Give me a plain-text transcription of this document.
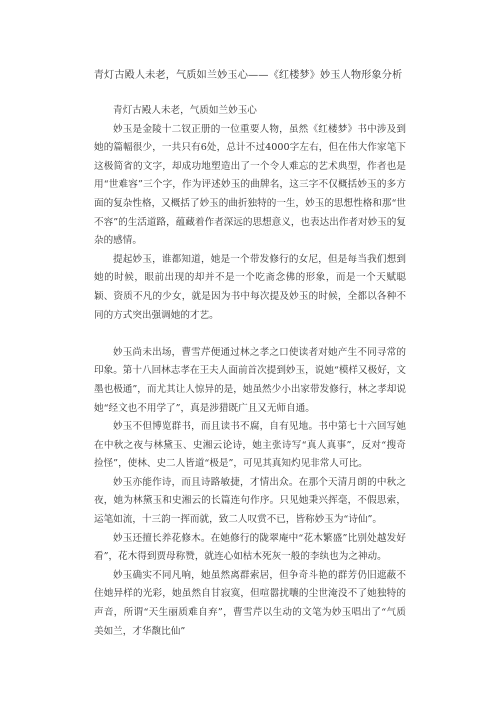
青灯古殿人未老，气质如兰妙玉心——《红楼梦》妙玉人物形象分析

青灯古殿人未老，气质如兰妙玉心

妙玉是金陵十二钗正册的一位重要人物，虽然《红楼梦》书中涉及到她的篇幅很少，一共只有6处，总计不过4000字左右，但在伟大作家笔下这极简省的文字，却成功地塑造出了一个令人难忘的艺术典型，作者也是用“世难容”三个字，作为评述妙玉的曲牌名，这三字不仅概括妙玉的多方面的复杂性格，又概括了妙玉的曲折独特的一生，妙玉的思想性格和那“世不容”的生活道路，蕴藏着作者深远的思想意义，也表达出作者对妙玉的复杂的感情。

提起妙玉，谁都知道，她是一个带发修行的女尼，但是每当我们想到她的时候，眼前出现的却并不是一个吃斋念佛的形象，而是一个天赋聪颖、资质不凡的少女，就是因为书中每次提及妙玉的时候，全都以各种不同的方式突出强调她的才艺。

妙玉尚未出场，曹雪芹便通过林之孝之口使读者对她产生不同寻常的印象。第十八回林志孝在王夫人面前首次提到妙玉，说她“模样又极好，文墨也极通”，而尤其让人惊异的是，她虽然少小出家带发修行，林之孝却说她“经文也不用学了”，真是涉猎既广且又无师自通。

妙玉不但博览群书，而且读书不腐，自有见地。书中第七十六回写她在中秋之夜与林黛玉、史湘云论诗，她主张诗写“真人真事”，反对“搜奇捡怪”，使林、史二人皆道“极是”，可见其真知灼见非常人可比。

妙玉亦能作诗，而且诗路敏捷，才情出众。在那个天清月朗的中秋之夜，她为林黛玉和史湘云的长篇连句作序。只见她秉兴挥毫，不假思索，运笔如流，十三韵一挥而就，致二人叹赏不已，皆称妙玉为“诗仙”。

妙玉还擅长养花修木。在她修行的陇翠庵中“花木繁盛”比别处越发好看”，花木得到贾母称赞，就连心如枯木死灰一般的李纨也为之神动。

妙玉确实不同凡响，她虽然离群索居，但争奇斗艳的群芳仍旧遮蔽不住她异样的光彩，她虽然自甘寂寞，但喧嚣扰嚷的尘世淹没不了她独特的声音，所谓“天生丽质难自弃”，曹雪芹以生动的文笔为妙玉唱出了“气质美如兰，才华馥比仙”
